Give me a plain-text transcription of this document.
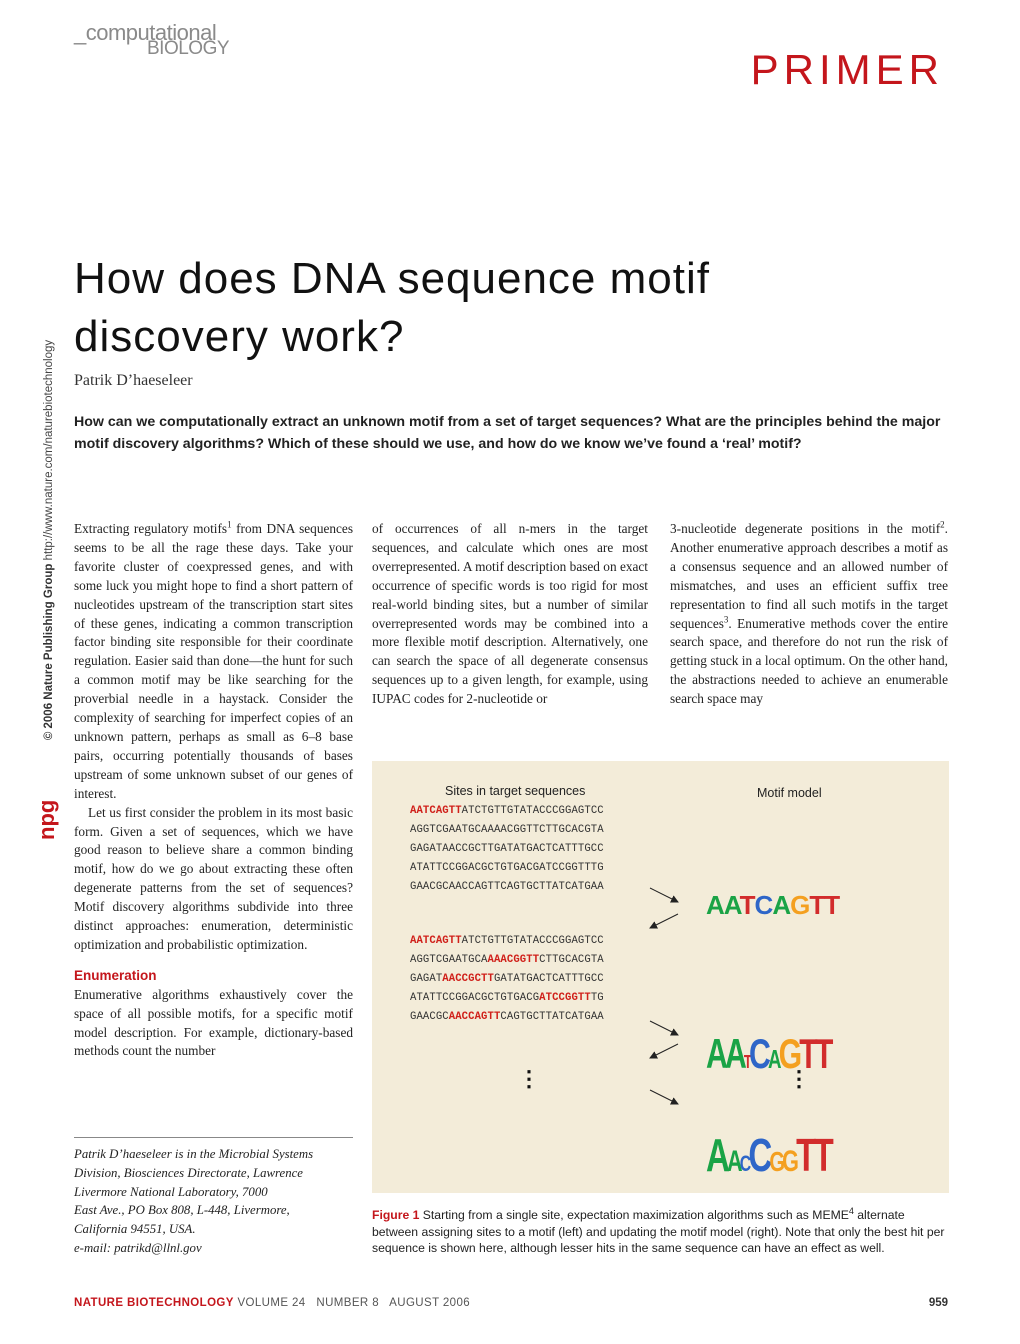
_computational
BIOLOGY	PRIMER
© 2006 Nature Publishing Group http://www.nature.com/naturebiotechnology
npg
How does DNA sequence motif
discovery work?
Patrik D’haeseleer
How can we computationally extract an unknown motif from a set of target sequences? What are the principles behind the major motif discovery algorithms? Which of these should we use, and how do we know we’ve found a ‘real’ motif?

Extracting regulatory motifs$^1$ from DNA sequences seems to be all the rage these days. Take your favorite cluster of coexpressed genes, and with some luck you might hope to find a short pattern of nucleotides upstream of the transcription start sites of these genes, indicating a common transcription factor binding site responsible for their coordinate regulation. Easier said than done—the hunt for such a common motif may be like searching for the proverbial needle in a haystack. Consider the complexity of searching for imperfect copies of an unknown pattern, perhaps as small as 6–8 base pairs, occurring potentially thousands of bases upstream of some unknown subset of our genes of interest.

Let us first consider the problem in its most basic form. Given a set of sequences, which we have good reason to believe share a common binding motif, how do we go about extracting these often degenerate patterns from the set of sequences? Motif discovery algorithms subdivide into three distinct approaches: enumeration, deterministic optimization and probabilistic optimization.

Enumeration

Enumerative algorithms exhaustively cover the space of all possible motifs, for a specific motif model description. For example, dictionary-based methods count the number

of occurrences of all n-mers in the target sequences, and calculate which ones are most overrepresented. A motif description based on exact occurrence of specific words is too rigid for most real-world binding sites, but a number of similar overrepresented words may be combined into a more flexible motif description. Alternatively, one can search the space of all degenerate consensus sequences up to a given length, for example, using IUPAC codes for 2-nucleotide or

3-nucleotide degenerate positions in the motif$^2$. Another enumerative approach describes a motif as a consensus sequence and an allowed number of mismatches, and uses an efficient suffix tree representation to find all such motifs in the target sequences$^3$. Enumerative methods cover the entire search space, and therefore do not run the risk of getting stuck in a local optimum. On the other hand, the abstractions needed to achieve an enumerable search space may

Patrik D’haeseleer is in the Microbial Systems
Division, Biosciences Directorate, Lawrence
Livermore National Laboratory, 7000
East Ave., PO Box 808, L-448, Livermore,
California 94551, USA.
e-mail: patrikd@llnl.gov
Sites in target sequences	Motif model
AATCAGTTATCTGTTGTATACCCGGAGTCC
AGGTCGAATGCAAAACGGTTCTTGCACGTA
GAGATAACCGCTTGATATGACTCATTTGCC
ATATTCCGGACGCTGTGACGATCCGGTTTG
GAACGCAACCAGTTCAGTGCTTATCATGAA
AATCAGTTATCTGTTGTATACCCGGAGTCC
AGGTCGAATGCAAAACGGTTCTTGCACGTA
GAGATAACCGCTTGATATGACTCATTTGCC
ATATTCCGGACGCTGTGACGATCCGGTTTG
GAACGCAACCAGTTCAGTGCTTATCATGAA
⋮	⋮
AATCAGTT
AATCAGTT
AACCGGTT
Figure 1 Starting from a single site, expectation maximization algorithms such as MEME$^4$ alternate between assigning sites to a motif (left) and updating the motif model (right). Note that only the best hit per sequence is shown here, although lesser hits in the same sequence can have an effect as well.
NATURE BIOTECHNOLOGY VOLUME 24   NUMBER 8   AUGUST 2006	959
